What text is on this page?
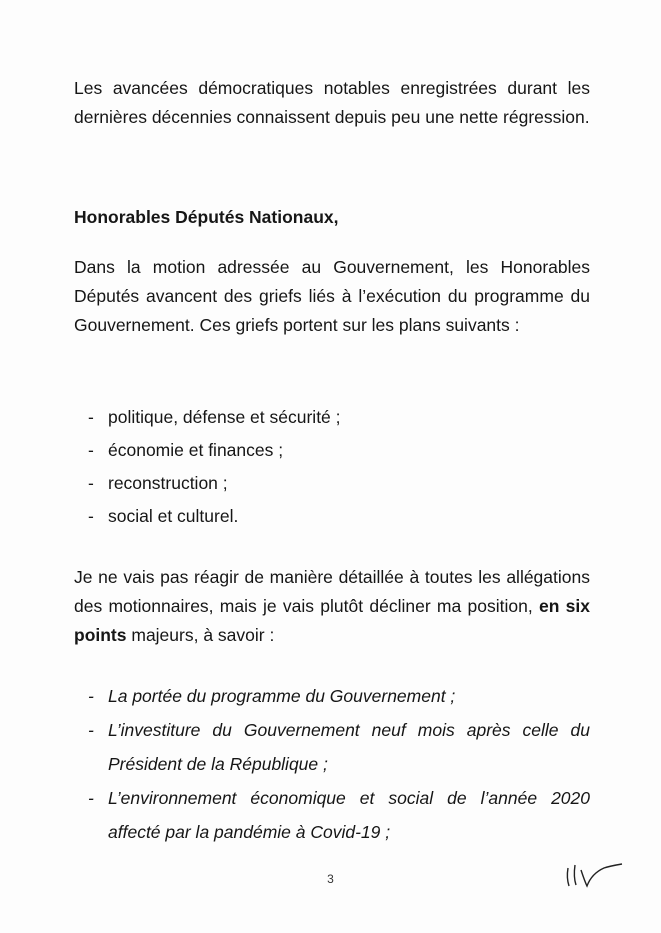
Les avancées démocratiques notables enregistrées durant les dernières décennies connaissent depuis peu une nette régression.

Honorables Députés Nationaux,

Dans la motion adressée au Gouvernement, les Honorables Députés avancent des griefs liés à l’exécution du programme du Gouvernement. Ces griefs portent sur les plans suivants :

- politique, défense et sécurité ;
- économie et finances ;
- reconstruction ;
- social et culturel.

Je ne vais pas réagir de manière détaillée à toutes les allégations des motionnaires, mais je vais plutôt décliner ma position, en six points majeurs, à savoir :

- La portée du programme du Gouvernement ;
- L’investiture du Gouvernement neuf mois après celle du Président de la République ;
- L’environnement économique et social de l’année 2020 affecté par la pandémie à Covid-19 ;
3
